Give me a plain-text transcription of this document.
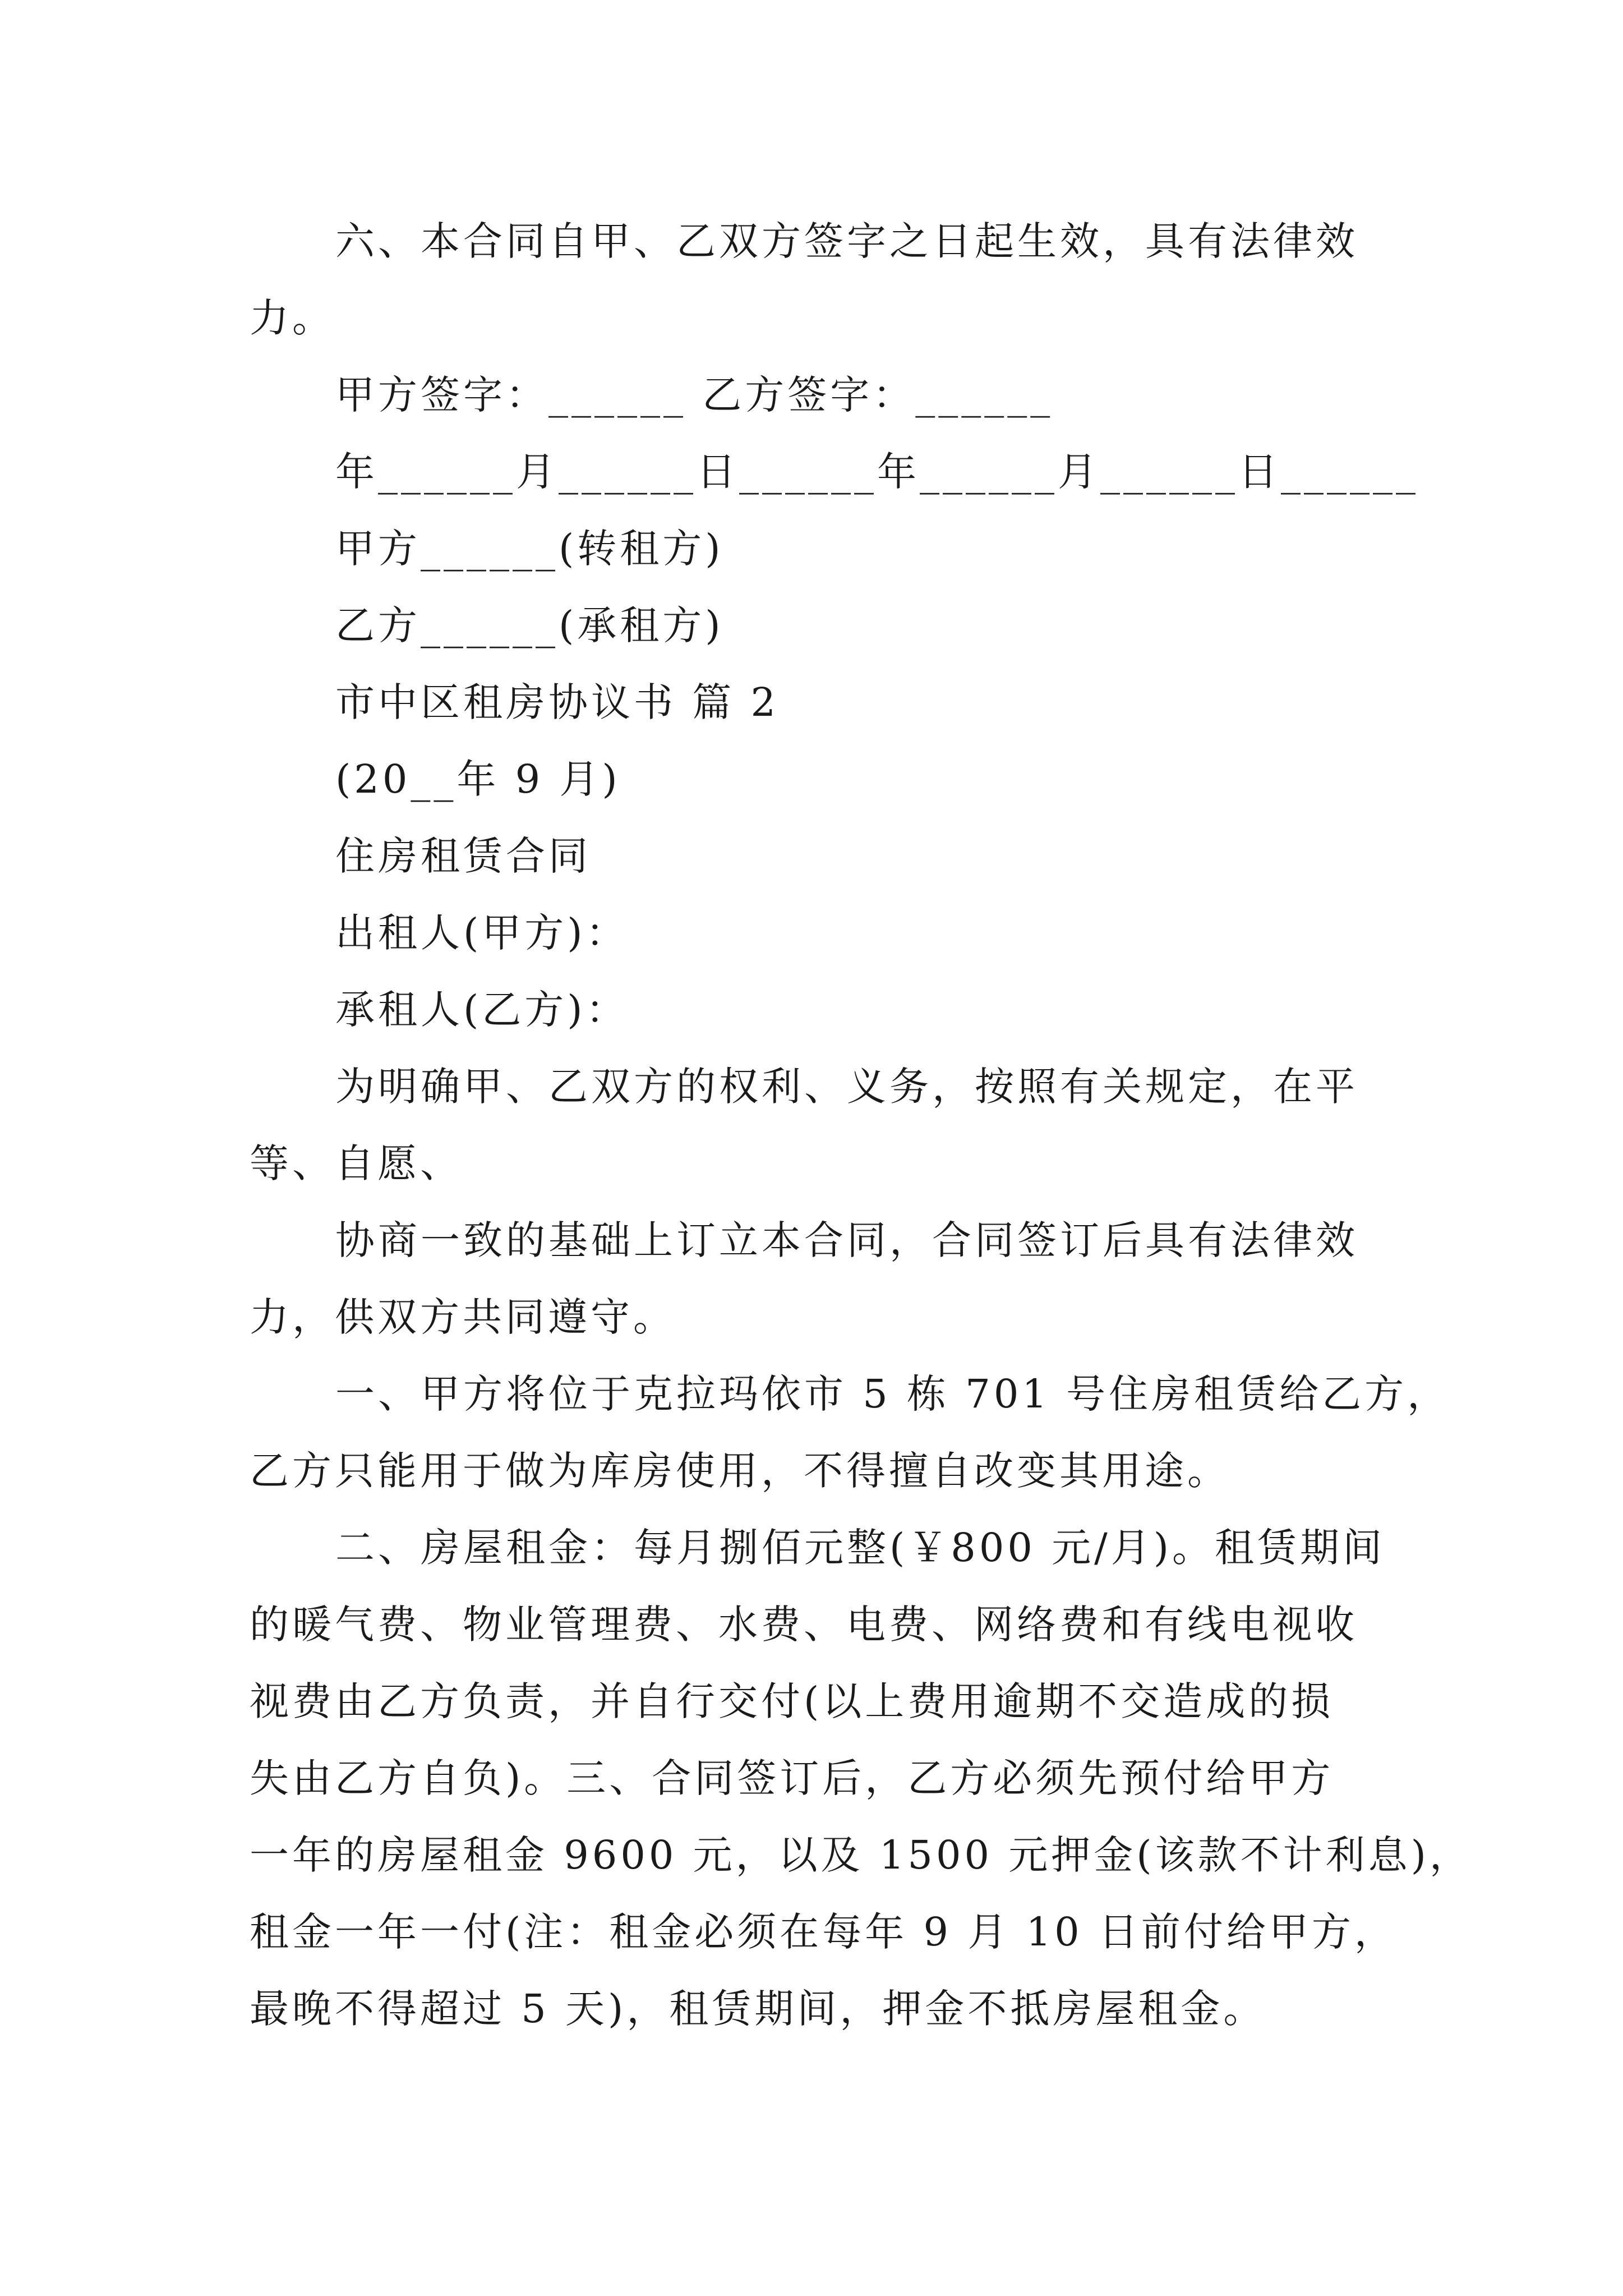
六、本合同自甲、乙双方签字之日起生效，具有法律效
力。
甲方签字：______ 乙方签字：______
年______月______日______年______月______日______
甲方______(转租方)
乙方______(承租方)
市中区租房协议书 篇 2
(20__年 9 月)
住房租赁合同
出租人(甲方)：
承租人(乙方)：
为明确甲、乙双方的权利、义务，按照有关规定，在平
等、自愿、
协商一致的基础上订立本合同，合同签订后具有法律效
力，供双方共同遵守。
一、甲方将位于克拉玛依市 5 栋 701 号住房租赁给乙方，
乙方只能用于做为库房使用，不得擅自改变其用途。
二、房屋租金：每月捌佰元整(￥800 元/月)。租赁期间
的暖气费、物业管理费、水费、电费、网络费和有线电视收
视费由乙方负责，并自行交付(以上费用逾期不交造成的损
失由乙方自负)。三、合同签订后，乙方必须先预付给甲方
一年的房屋租金 9600 元，以及 1500 元押金(该款不计利息)，
租金一年一付(注：租金必须在每年 9 月 10 日前付给甲方，
最晚不得超过 5 天)，租赁期间，押金不抵房屋租金。
